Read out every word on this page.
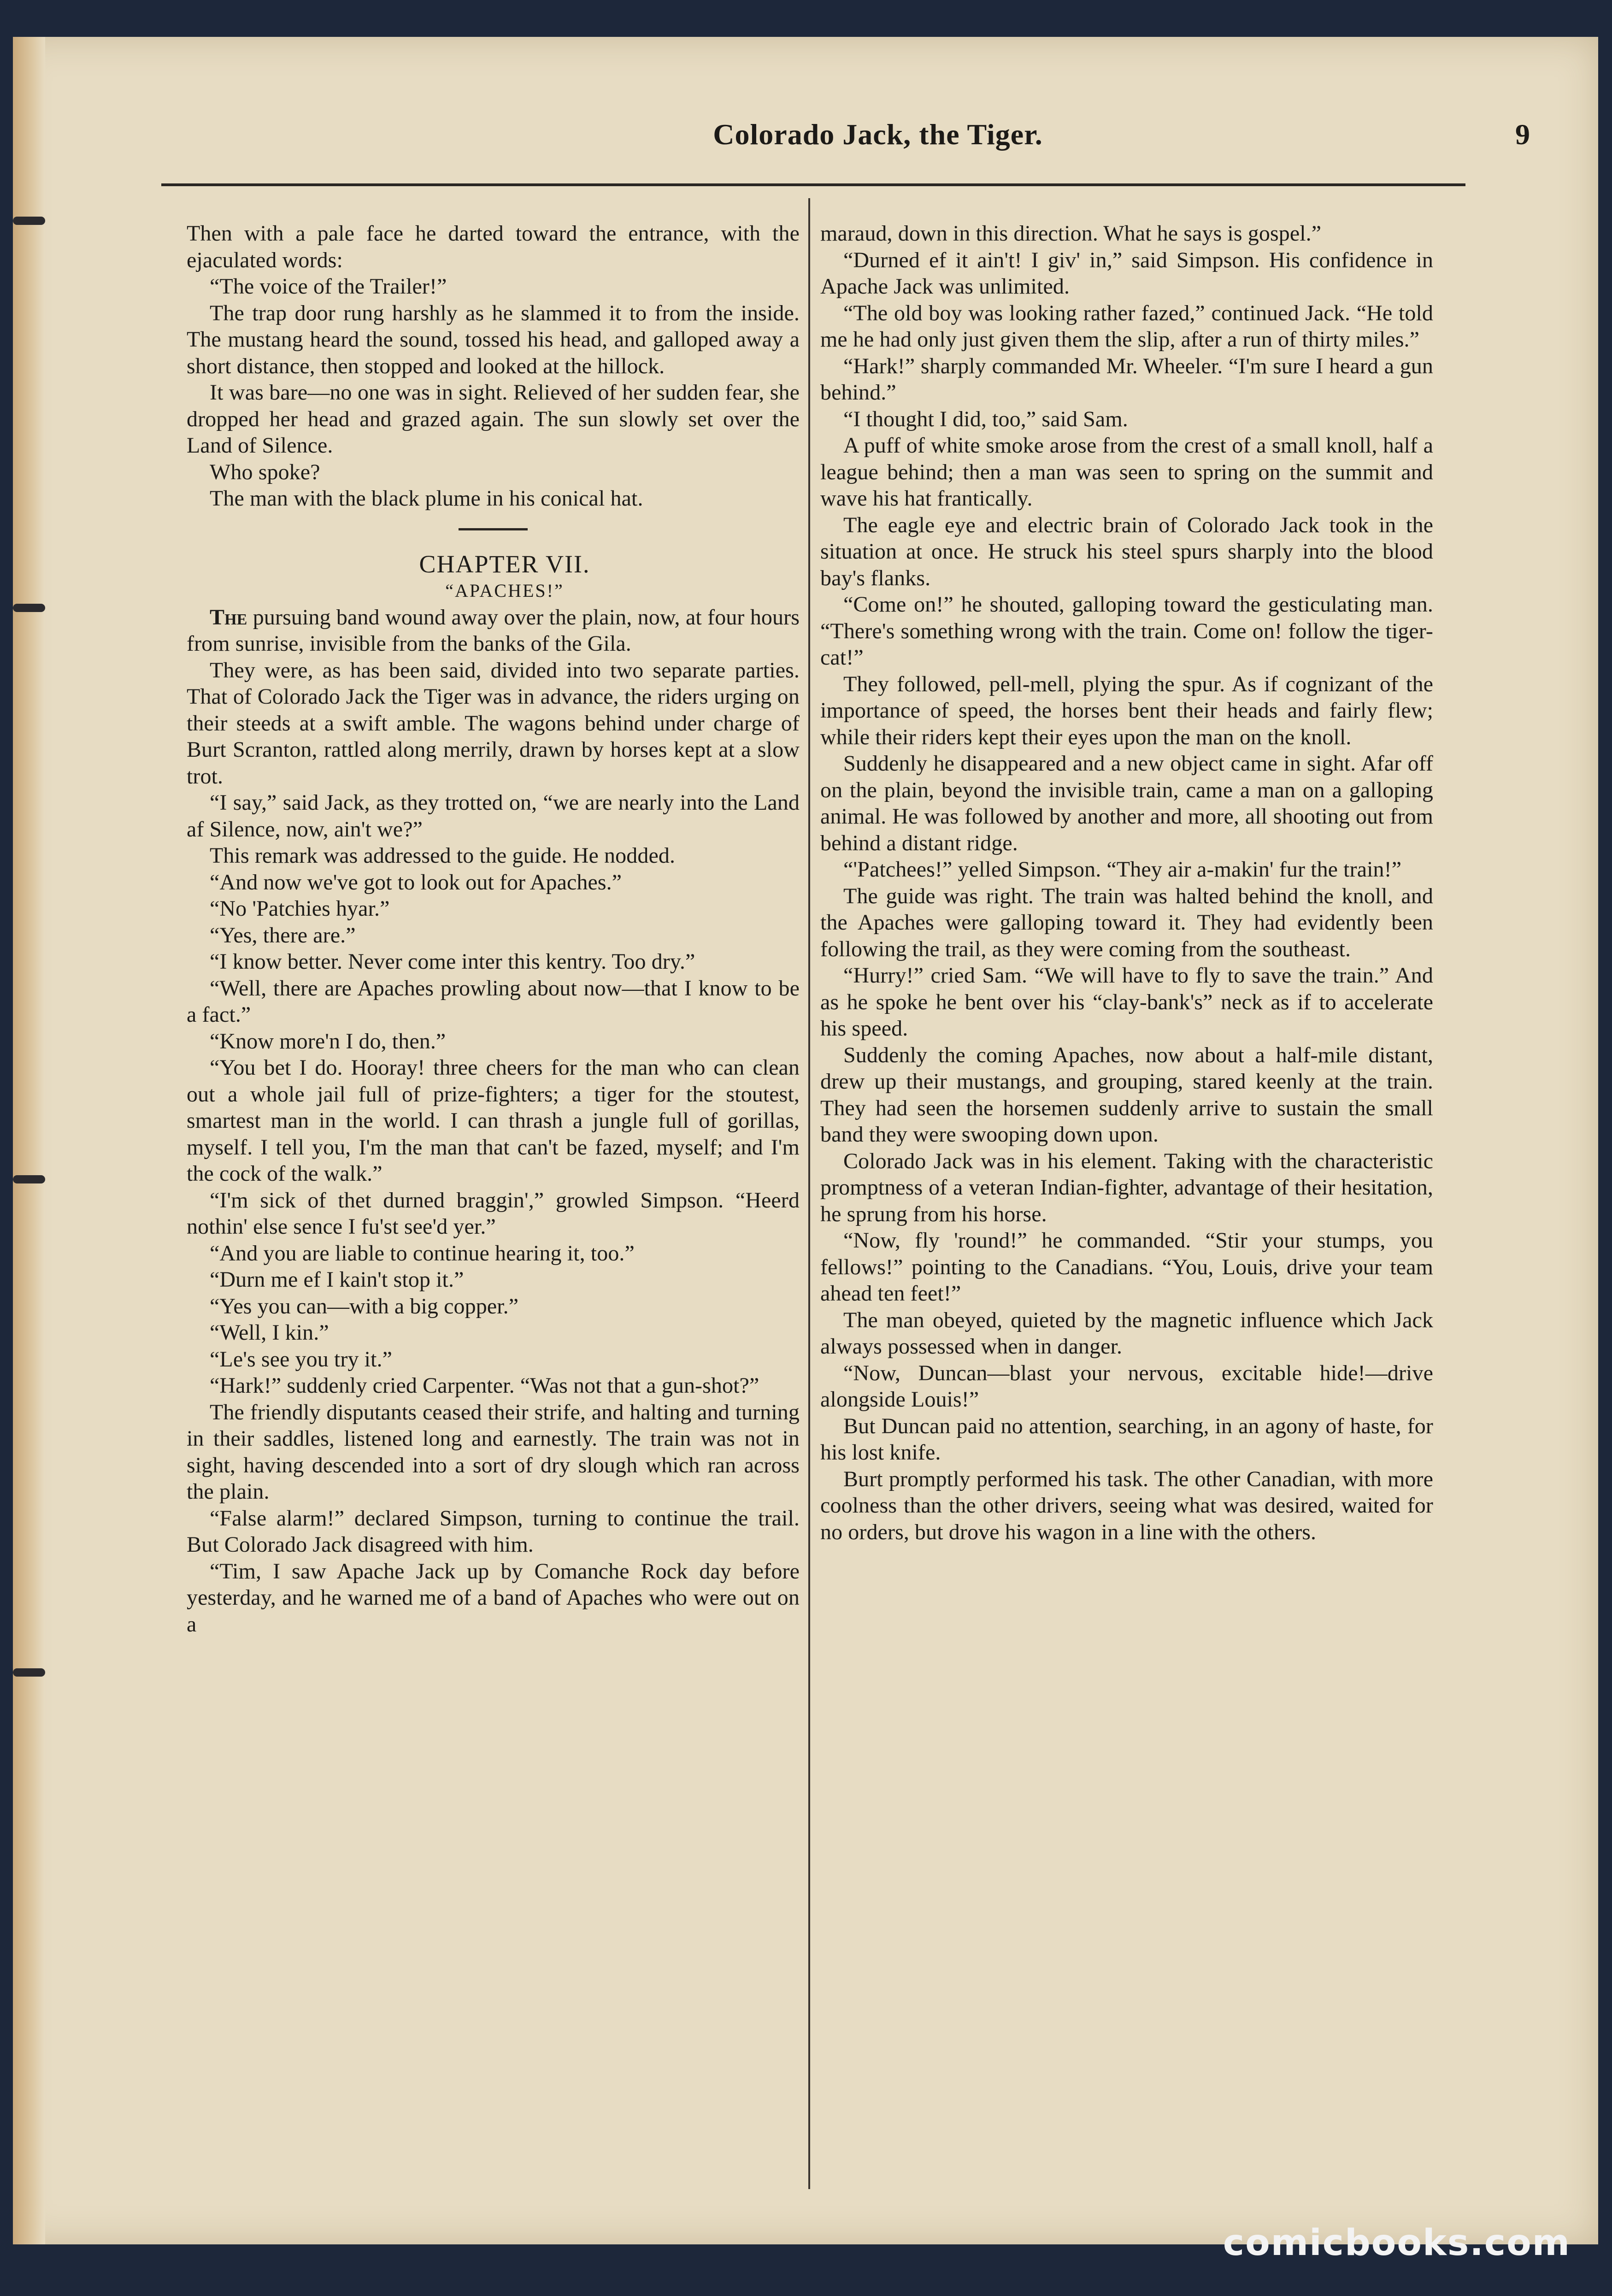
Colorado Jack, the Tiger.	9

Then with a pale face he darted toward the entrance, with the ejaculated words:

“The voice of the Trailer!”

The trap door rung harshly as he slammed it to from the inside. The mustang heard the sound, tossed his head, and galloped away a short distance, then stopped and looked at the hillock.

It was bare—no one was in sight. Relieved of her sudden fear, she dropped her head and grazed again. The sun slowly set over the Land of Silence.

Who spoke?

The man with the black plume in his conical hat.

CHAPTER VII.

“APACHES!”

The pursuing band wound away over the plain, now, at four hours from sunrise, invisible from the banks of the Gila.

They were, as has been said, divided into two separate parties. That of Colorado Jack the Tiger was in advance, the riders urging on their steeds at a swift amble. The wagons behind under charge of Burt Scranton, rattled along merrily, drawn by horses kept at a slow trot.

“I say,” said Jack, as they trotted on, “we are nearly into the Land af Silence, now, ain't we?”

This remark was addressed to the guide. He nodded.

“And now we've got to look out for Apaches.”

“No 'Patchies hyar.”

“Yes, there are.”

“I know better. Never come inter this kentry. Too dry.”

“Well, there are Apaches prowling about now—that I know to be a fact.”

“Know more'n I do, then.”

“You bet I do. Hooray! three cheers for the man who can clean out a whole jail full of prize-fighters; a tiger for the stoutest, smartest man in the world. I can thrash a jungle full of gorillas, myself. I tell you, I'm the man that can't be fazed, myself; and I'm the cock of the walk.”

“I'm sick of thet durned braggin',” growled Simpson. “Heerd nothin' else sence I fu'st see'd yer.”

“And you are liable to continue hearing it, too.”

“Durn me ef I kain't stop it.”

“Yes you can—with a big copper.”

“Well, I kin.”

“Le's see you try it.”

“Hark!” suddenly cried Carpenter. “Was not that a gun-shot?”

The friendly disputants ceased their strife, and halting and turning in their saddles, listened long and earnestly. The train was not in sight, having descended into a sort of dry slough which ran across the plain.

“False alarm!” declared Simpson, turning to continue the trail. But Colorado Jack disagreed with him.

“Tim, I saw Apache Jack up by Comanche Rock day before yesterday, and he warned me of a band of Apaches who were out on a

maraud, down in this direction. What he says is gospel.”

“Durned ef it ain't! I giv' in,” said Simpson. His confidence in Apache Jack was unlimited.

“The old boy was looking rather fazed,” continued Jack. “He told me he had only just given them the slip, after a run of thirty miles.”

“Hark!” sharply commanded Mr. Wheeler. “I'm sure I heard a gun behind.”

“I thought I did, too,” said Sam.

A puff of white smoke arose from the crest of a small knoll, half a league behind; then a man was seen to spring on the summit and wave his hat frantically.

The eagle eye and electric brain of Colorado Jack took in the situation at once. He struck his steel spurs sharply into the blood bay's flanks.

“Come on!” he shouted, galloping toward the gesticulating man. “There's something wrong with the train. Come on! follow the tiger-cat!”

They followed, pell-mell, plying the spur. As if cognizant of the importance of speed, the horses bent their heads and fairly flew; while their riders kept their eyes upon the man on the knoll.

Suddenly he disappeared and a new object came in sight. Afar off on the plain, beyond the invisible train, came a man on a galloping animal. He was followed by another and more, all shooting out from behind a distant ridge.

“'Patchees!” yelled Simpson. “They air a-makin' fur the train!”

The guide was right. The train was halted behind the knoll, and the Apaches were galloping toward it. They had evidently been following the trail, as they were coming from the southeast.

“Hurry!” cried Sam. “We will have to fly to save the train.” And as he spoke he bent over his “clay-bank's” neck as if to accelerate his speed.

Suddenly the coming Apaches, now about a half-mile distant, drew up their mustangs, and grouping, stared keenly at the train. They had seen the horsemen suddenly arrive to sustain the small band they were swooping down upon.

Colorado Jack was in his element. Taking with the characteristic promptness of a veteran Indian-fighter, advantage of their hesitation, he sprung from his horse.

“Now, fly 'round!” he commanded. “Stir your stumps, you fellows!” pointing to the Canadians. “You, Louis, drive your team ahead ten feet!”

The man obeyed, quieted by the magnetic influence which Jack always possessed when in danger.

“Now, Duncan—blast your nervous, excitable hide!—drive alongside Louis!”

But Duncan paid no attention, searching, in an agony of haste, for his lost knife.

Burt promptly performed his task. The other Canadian, with more coolness than the other drivers, seeing what was desired, waited for no orders, but drove his wagon in a line with the others.

comicbooks.com
